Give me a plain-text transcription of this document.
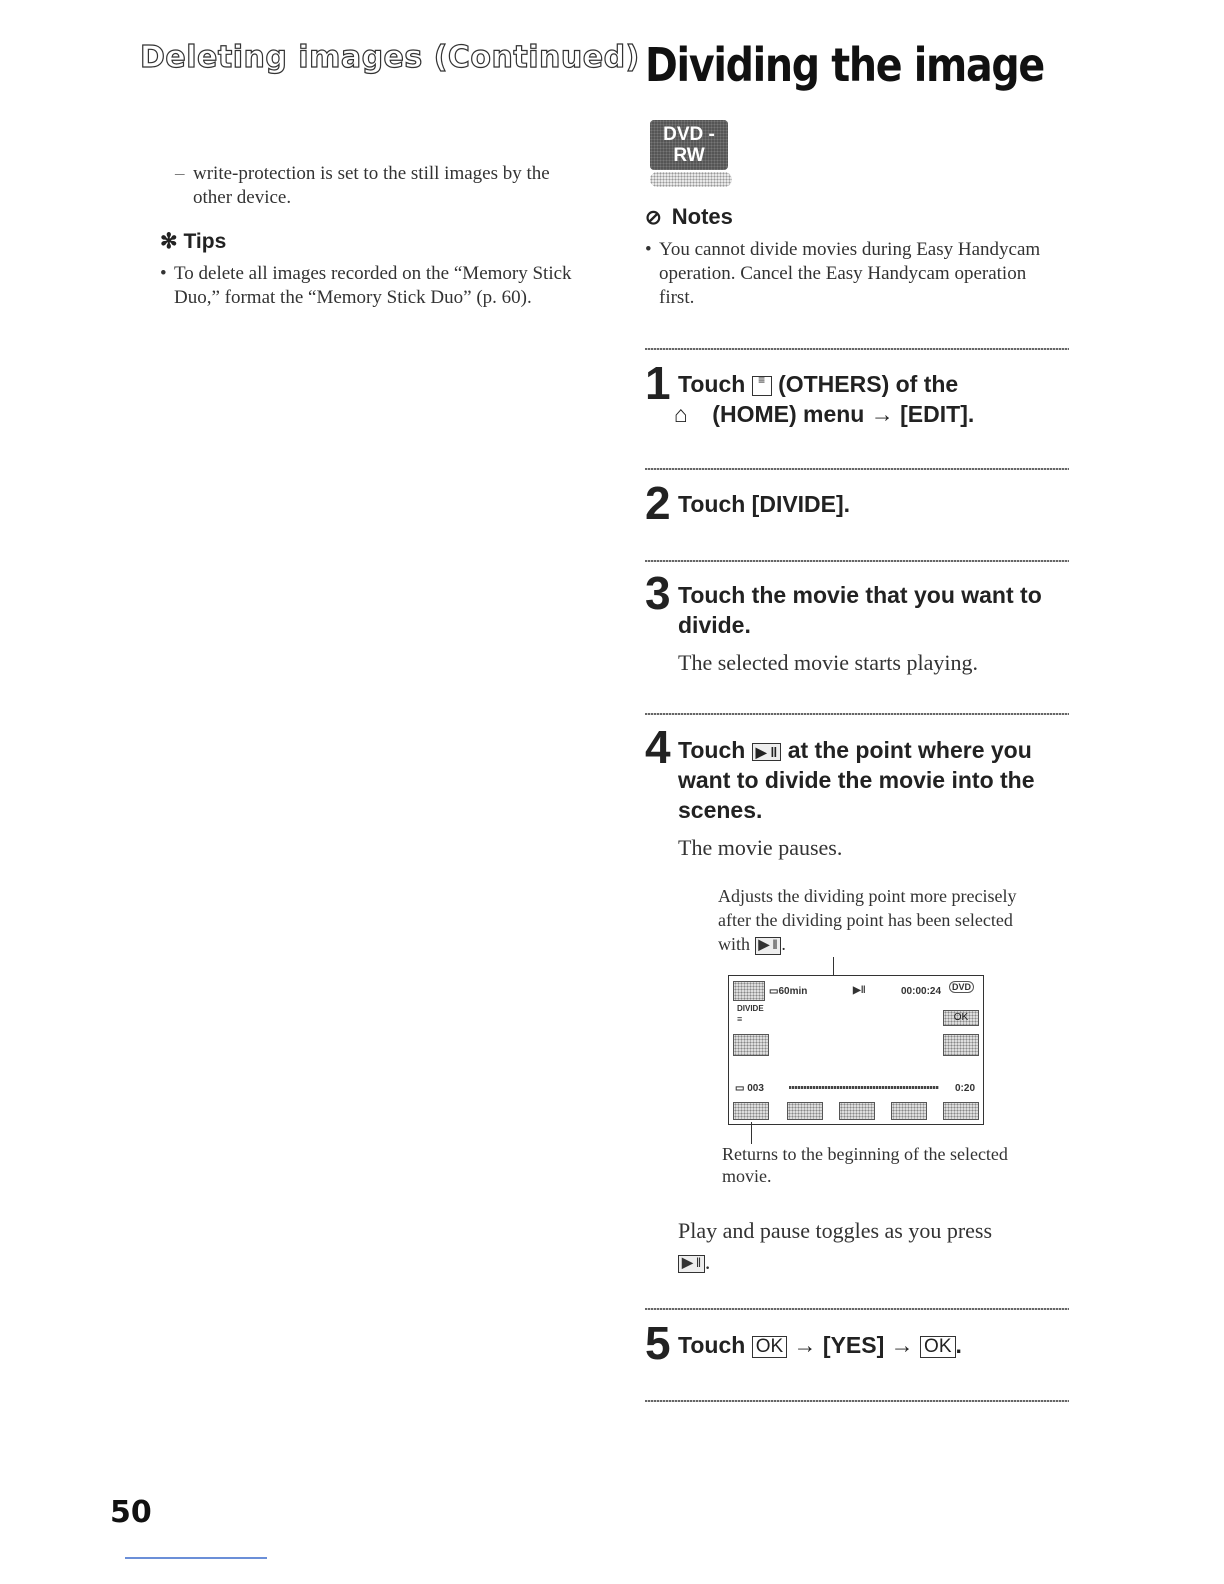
Deleting images (Continued)
– write-protection is set to the still images by the other device.
✻ Tips
• To delete all images recorded on the “Memory Stick Duo,” format the “Memory Stick Duo” (p. 60).
Dividing the image
DVD -RW
⊘ Notes
• You cannot divide movies during Easy Handycam operation. Cancel the Easy Handycam operation first.
1 Touch ≡ (OTHERS) of the
⌂ (HOME) menu → [EDIT].
2 Touch [DIVIDE].
3 Touch the movie that you want to divide.
The selected movie starts playing.
4 Touch ▶ ‖ at the point where you want to divide the movie into the scenes.
The movie pauses.
Adjusts the dividing point more precisely after the dividing point has been selected with ▶ ‖ .
▭60min	▶‖	00:00:24	DVD
DIVIDE
≡	OK
▭ 003	0:20
Returns to the beginning of the selected movie.
Play and pause toggles as you press
▶ ‖ .
5 Touch OK → [YES] → OK .
50
